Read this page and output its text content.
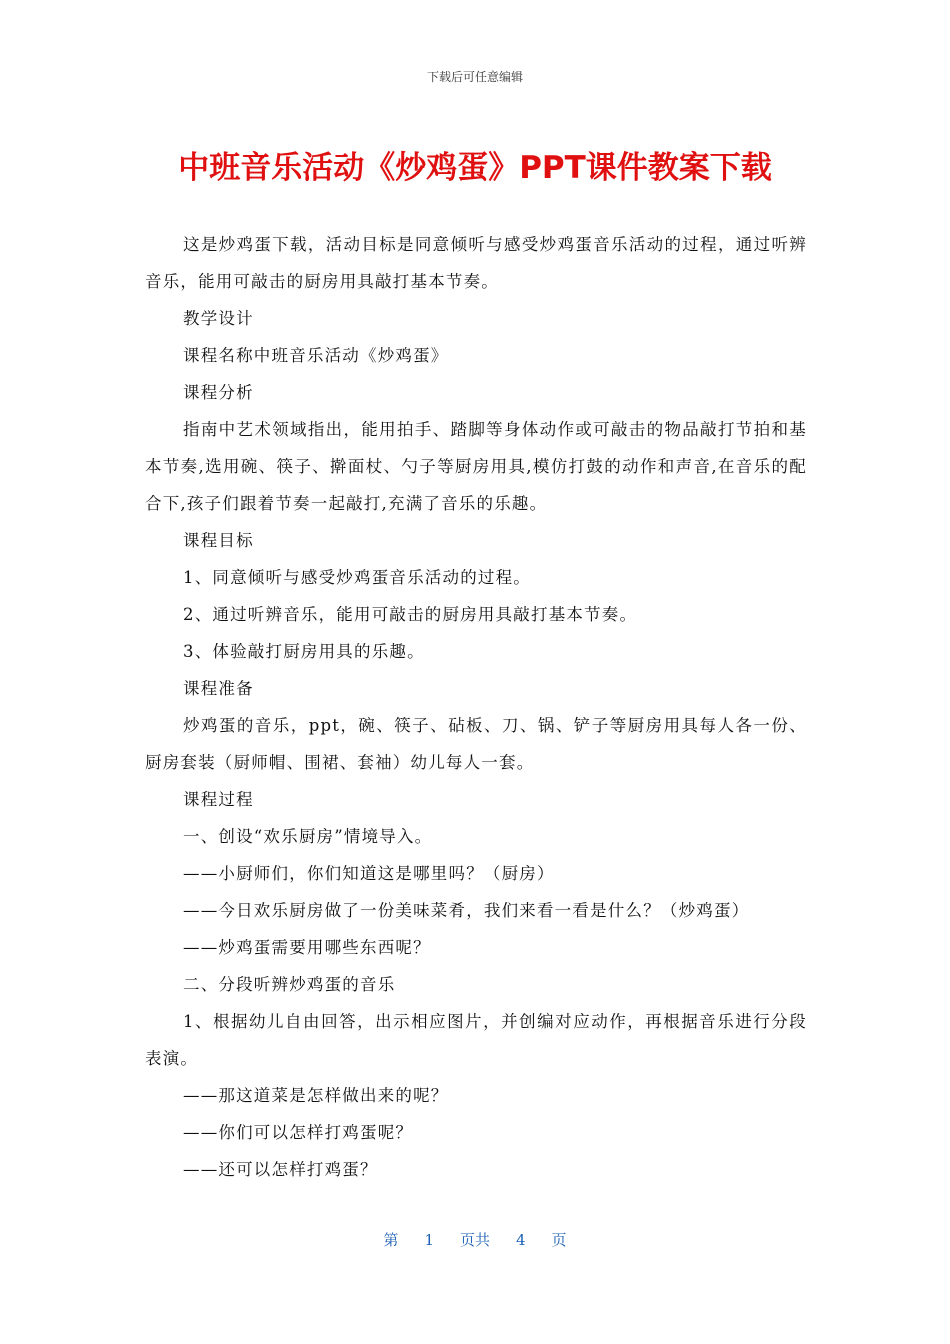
下载后可任意编辑
中班音乐活动《炒鸡蛋》PPT课件教案下载

这是炒鸡蛋下载，活动目标是同意倾听与感受炒鸡蛋音乐活动的过程，通过听辨音乐，能用可敲击的厨房用具敲打基本节奏。

教学设计

课程名称中班音乐活动《炒鸡蛋》

课程分析

指南中艺术领域指出，能用拍手、踏脚等身体动作或可敲击的物品敲打节拍和基本节奏,选用碗、筷子、擀面杖、勺子等厨房用具,模仿打鼓的动作和声音,在音乐的配合下,孩子们跟着节奏一起敲打,充满了音乐的乐趣。

课程目标

1、同意倾听与感受炒鸡蛋音乐活动的过程。

2、通过听辨音乐，能用可敲击的厨房用具敲打基本节奏。

3、体验敲打厨房用具的乐趣。

课程准备

炒鸡蛋的音乐，ppt，碗、筷子、砧板、刀、锅、铲子等厨房用具每人各一份、厨房套装（厨师帽、围裙、套袖）幼儿每人一套。

课程过程

一、创设“欢乐厨房”情境导入。

——小厨师们，你们知道这是哪里吗？（厨房）

——今日欢乐厨房做了一份美味菜肴，我们来看一看是什么？（炒鸡蛋）

——炒鸡蛋需要用哪些东西呢？

二、分段听辨炒鸡蛋的音乐

1、根据幼儿自由回答，出示相应图片，并创编对应动作，再根据音乐进行分段表演。

——那这道菜是怎样做出来的呢？

——你们可以怎样打鸡蛋呢？

——还可以怎样打鸡蛋？

第 1 页共 4 页
